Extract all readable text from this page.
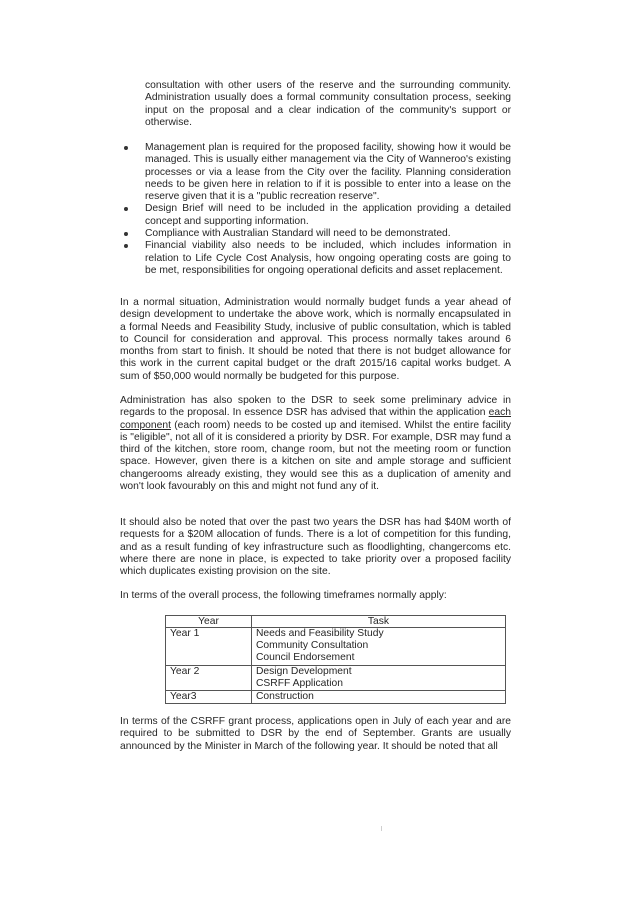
consultation with other users of the reserve and the surrounding community. Administration usually does a formal community consultation process, seeking input on the proposal and a clear indication of the community's support or otherwise.
Management plan is required for the proposed facility, showing how it would be managed. This is usually either management via the City of Wanneroo's existing processes or via a lease from the City over the facility. Planning consideration needs to be given here in relation to if it is possible to enter into a lease on the reserve given that it is a "public recreation reserve".
Design Brief will need to be included in the application providing a detailed concept and supporting information.
Compliance with Australian Standard will need to be demonstrated.
Financial viability also needs to be included, which includes information in relation to Life Cycle Cost Analysis, how ongoing operating costs are going to be met, responsibilities for ongoing operational deficits and asset replacement.

In a normal situation, Administration would normally budget funds a year ahead of design development to undertake the above work, which is normally encapsulated in a formal Needs and Feasibility Study, inclusive of public consultation, which is tabled to Council for consideration and approval. This process normally takes around 6 months from start to finish. It should be noted that there is not budget allowance for this work in the current capital budget or the draft 2015/16 capital works budget. A sum of $50,000 would normally be budgeted for this purpose.

Administration has also spoken to the DSR to seek some preliminary advice in regards to the proposal. In essence DSR has advised that within the application each component (each room) needs to be costed up and itemised. Whilst the entire facility is "eligible", not all of it is considered a priority by DSR. For example, DSR may fund a third of the kitchen, store room, change room, but not the meeting room or function space. However, given there is a kitchen on site and ample storage and sufficient changerooms already existing, they would see this as a duplication of amenity and won't look favourably on this and might not fund any of it.

It should also be noted that over the past two years the DSR has had $40M worth of requests for a $20M allocation of funds. There is a lot of competition for this funding, and as a result funding of key infrastructure such as floodlighting, changercoms etc. where there are none in place, is expected to take priority over a proposed facility which duplicates existing provision on the site.

In terms of the overall process, the following timeframes normally apply:

Year	Task
Year 1	Needs and Feasibility Study
Community Consultation
Council Endorsement

Year 2	Design Development
CSRFF Application

Year3	Construction

In terms of the CSRFF grant process, applications open in July of each year and are required to be submitted to DSR by the end of September. Grants are usually announced by the Minister in March of the following year. It should be noted that all
